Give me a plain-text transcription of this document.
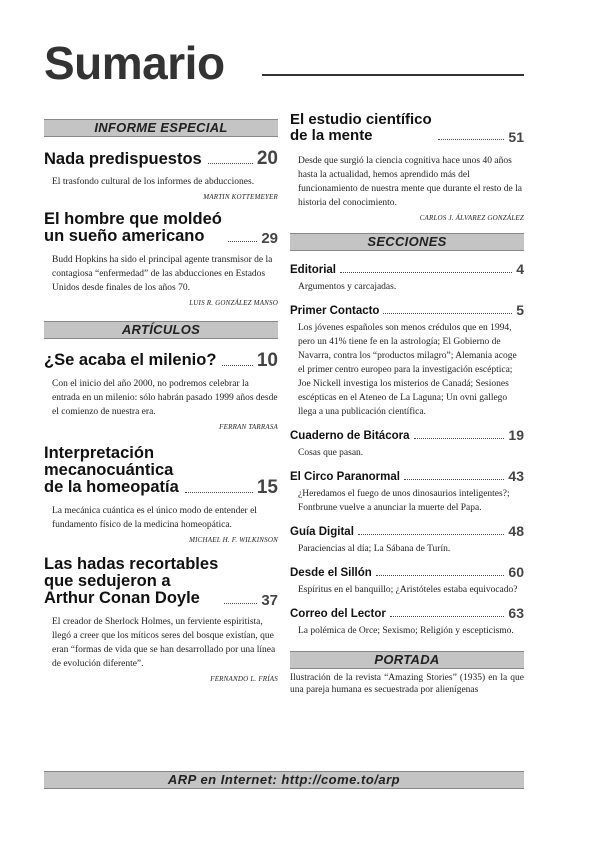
Sumario
INFORME ESPECIAL
Nada predispuestos	20
El trasfondo cultural de los informes de abducciones.
MARTIN KOTTEMEYER
El hombre que moldeó
un sueño americano	29
Budd Hopkins ha sido el principal agente transmisor de la contagiosa “enfermedad” de las abducciones en Estados Unidos desde finales de los años 70.
LUIS R. GONZÁLEZ MANSO
ARTÍCULOS
¿Se acaba el milenio? 10
Con el inicio del año 2000, no podremos celebrar la entrada en un milenio: sólo habrán pasado 1999 años desde el comienzo de nuestra era.
FERRAN TARRASA
Interpretación
mecanocuántica
de la homeopatía	15
La mecánica cuántica es el único modo de entender el fundamento físico de la medicina homeopática.
MICHAEL H. F. WILKINSON
Las hadas recortables
que sedujeron a
Arthur Conan Doyle	37
El creador de Sherlock Holmes, un ferviente espiritista, llegó a creer que los míticos seres del bosque existían, que eran “formas de vida que se han desarrollado por una línea de evolución diferente”.
FERNANDO L. FRÍAS
El estudio científico
de la mente	51
Desde que surgió la ciencia cognitiva hace unos 40 años hasta la actualidad, hemos aprendido más del funcionamiento de nuestra mente que durante el resto de la historia del conocimiento.
CARLOS J. ÁLVAREZ GONZÁLEZ
SECCIONES
Editorial	4
Argumentos y carcajadas.
Primer Contacto	5
Los jóvenes españoles son menos crédulos que en 1994, pero un 41% tiene fe en la astrología; El Gobierno de Navarra, contra los “productos milagro”; Alemania acoge el primer centro europeo para la investigación escéptica; Joe Nickell investiga los misterios de Canadá; Sesiones escépticas en el Ateneo de La Laguna; Un ovni gallego llega a una publicación científica.
Cuaderno de Bitácora	19
Cosas que pasan.
El Circo Paranormal	43
¿Heredamos el fuego de unos dinosaurios inteligentes?; Fontbrune vuelve a anunciar la muerte del Papa.
Guía Digital	48
Paraciencias al día; La Sábana de Turín.
Desde el Sillón	60
Espíritus en el banquillo; ¿Aristóteles estaba equivocado?
Correo del Lector	63
La polémica de Orce; Sexismo; Religión y escepticismo.
PORTADA
Ilustración de la revista “Amazing Stories” (1935) en la que una pareja humana es secuestrada por alienígenas
ARP en Internet: http://come.to/arp
